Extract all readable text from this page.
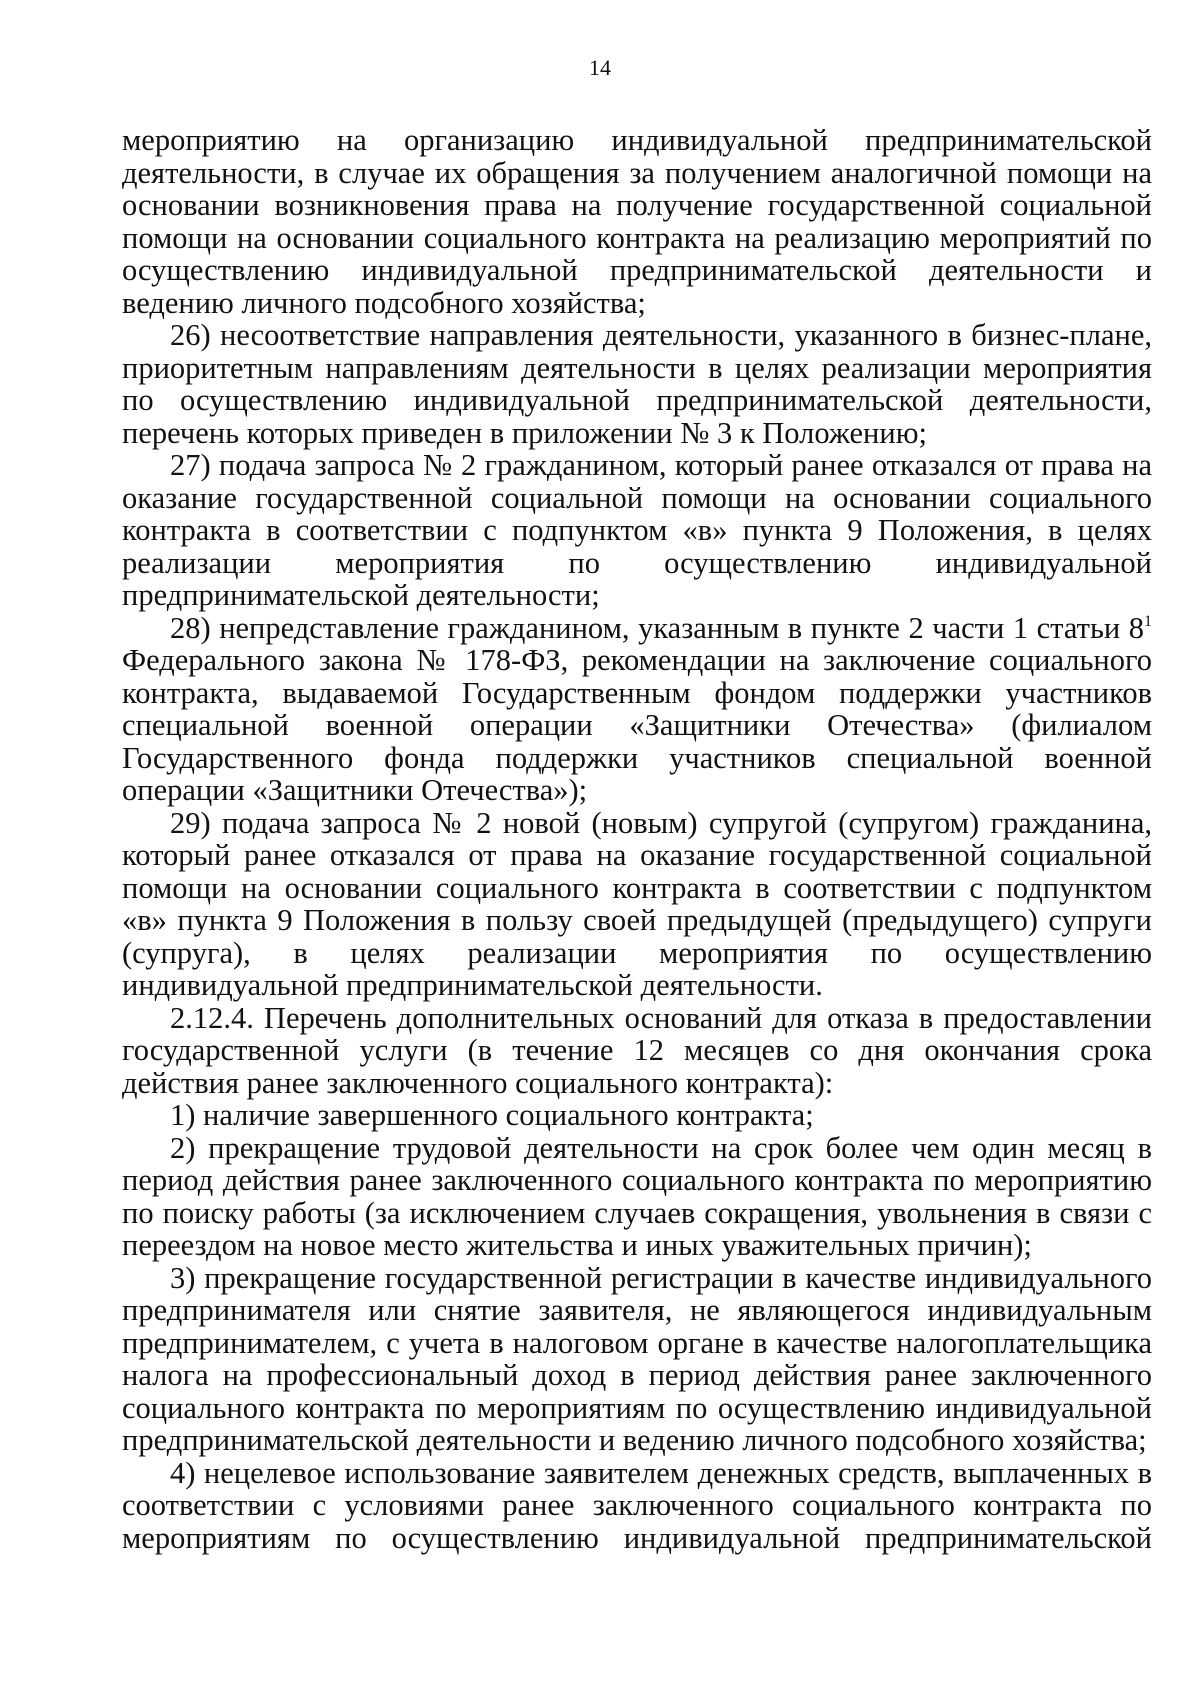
14

мероприятию на организацию индивидуальной предпринимательской деятельности, в случае их обращения за получением аналогичной помощи на основании возникновения права на получение государственной социальной помощи на основании социального контракта на реализацию мероприятий по осуществлению индивидуальной предпринимательской деятельности и ведению личного подсобного хозяйства;

26) несоответствие направления деятельности, указанного в бизнес-плане, приоритетным направлениям деятельности в целях реализации мероприятия по осуществлению индивидуальной предпринимательской деятельности, перечень которых приведен в приложении № 3 к Положению;

27) подача запроса № 2 гражданином, который ранее отказался от права на оказание государственной социальной помощи на основании социального контракта в соответствии с подпунктом «в» пункта 9 Положения, в целях реализации мероприятия по осуществлению индивидуальной предпринимательской деятельности;

28) непредставление гражданином, указанным в пункте 2 части 1 статьи $8^1$ Федерального закона № 178-ФЗ, рекомендации на заключение социального контракта, выдаваемой Государственным фондом поддержки участников специальной военной операции «Защитники Отечества» (филиалом Государственного фонда поддержки участников специальной военной операции «Защитники Отечества»);

29) подача запроса № 2 новой (новым) супругой (супругом) гражданина, который ранее отказался от права на оказание государственной социальной помощи на основании социального контракта в соответствии с подпунктом «в» пункта 9 Положения в пользу своей предыдущей (предыдущего) супруги (супруга), в целях реализации мероприятия по осуществлению индивидуальной предпринимательской деятельности.

2.12.4. Перечень дополнительных оснований для отказа в предоставлении государственной услуги (в течение 12 месяцев со дня окончания срока действия ранее заключенного социального контракта):

1) наличие завершенного социального контракта;

2) прекращение трудовой деятельности на срок более чем один месяц в период действия ранее заключенного социального контракта по мероприятию по поиску работы (за исключением случаев сокращения, увольнения в связи с переездом на новое место жительства и иных уважительных причин);

3) прекращение государственной регистрации в качестве индивидуального предпринимателя или снятие заявителя, не являющегося индивидуальным предпринимателем, с учета в налоговом органе в качестве налогоплательщика налога на профессиональный доход в период действия ранее заключенного социального контракта по мероприятиям по осуществлению индивидуальной предпринимательской деятельности и ведению личного подсобного хозяйства;

4) нецелевое использование заявителем денежных средств, выплаченных в соответствии с условиями ранее заключенного социального контракта по мероприятиям по осуществлению индивидуальной предпринимательской
